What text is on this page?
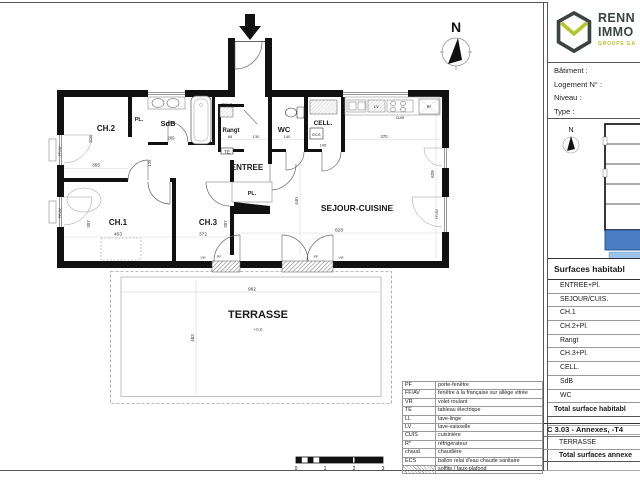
CH.2
PL. SdB
Rangt	WC
CELL.
ENTREE
PL.
CH.1	CH.3
SEJOUR-CUISINE
TERRASSE
chaud.
TE
ECS
LV
CUIS
R*
FF/AV
FF/AV	FF/AV
VR	PF	PF	VR
365
316
125
269	68	130	140
106
370
403
307
372
307
628
440
628
962
483
+0,0
N
0	1	2	3
PF	porte-fenêtre
FF/AV	fenêtre à la française sur allège vitrée
VR	volet roulant
TE	tableau électrique
LL	lave-linge
LV	lave-vaisselle
CUIS	cuisinière
R*	réfrigérateur
chaud.	chaudière
ECS	ballon relai d'eau chaude sanitaire
	soffite / faux-plafond
RENN
IMMO
GROUPE GA
Bâtiment :
Logement N° :
Niveau :
Type :
N
Surfaces habitabl
ENTREE+Pl.
SEJOUR/CUIS.
CH.1
CH.2+Pl.
Rangt
CH.3+Pl.
CELL.
SdB
WC
Total surface habitabl
C 3.03 - Annexes, -T4
TERRASSE
Total surfaces annexe
